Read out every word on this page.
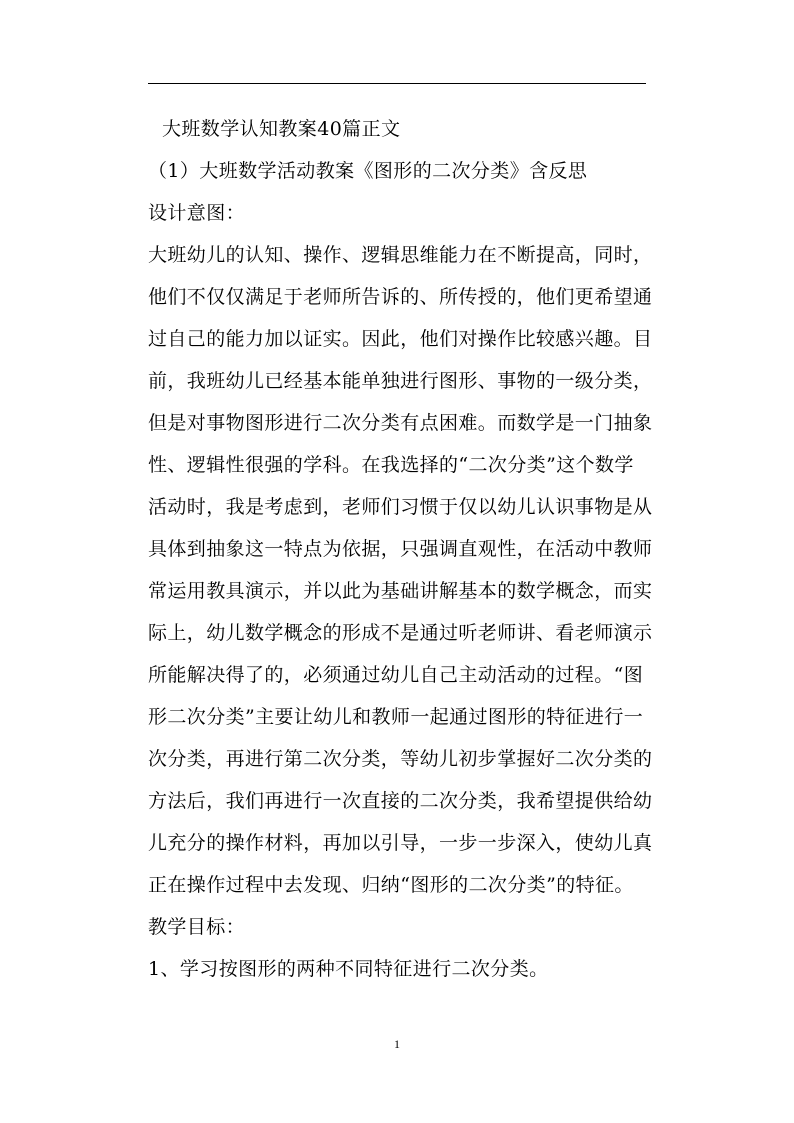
大班数学认知教案40篇正文
（1）大班数学活动教案《图形的二次分类》含反思
设计意图：
大班幼儿的认知、操作、逻辑思维能力在不断提高，同时，
他们不仅仅满足于老师所告诉的、所传授的，他们更希望通
过自己的能力加以证实。因此，他们对操作比较感兴趣。目
前，我班幼儿已经基本能单独进行图形、事物的一级分类，
但是对事物图形进行二次分类有点困难。而数学是一门抽象
性、逻辑性很强的学科。在我选择的“二次分类”这个数学
活动时，我是考虑到，老师们习惯于仅以幼儿认识事物是从
具体到抽象这一特点为依据，只强调直观性，在活动中教师
常运用教具演示，并以此为基础讲解基本的数学概念，而实
际上，幼儿数学概念的形成不是通过听老师讲、看老师演示
所能解决得了的，必须通过幼儿自己主动活动的过程。“图
形二次分类”主要让幼儿和教师一起通过图形的特征进行一
次分类，再进行第二次分类，等幼儿初步掌握好二次分类的
方法后，我们再进行一次直接的二次分类，我希望提供给幼
儿充分的操作材料，再加以引导，一步一步深入，使幼儿真
正在操作过程中去发现、归纳“图形的二次分类”的特征。
教学目标：
1、学习按图形的两种不同特征进行二次分类。
1
